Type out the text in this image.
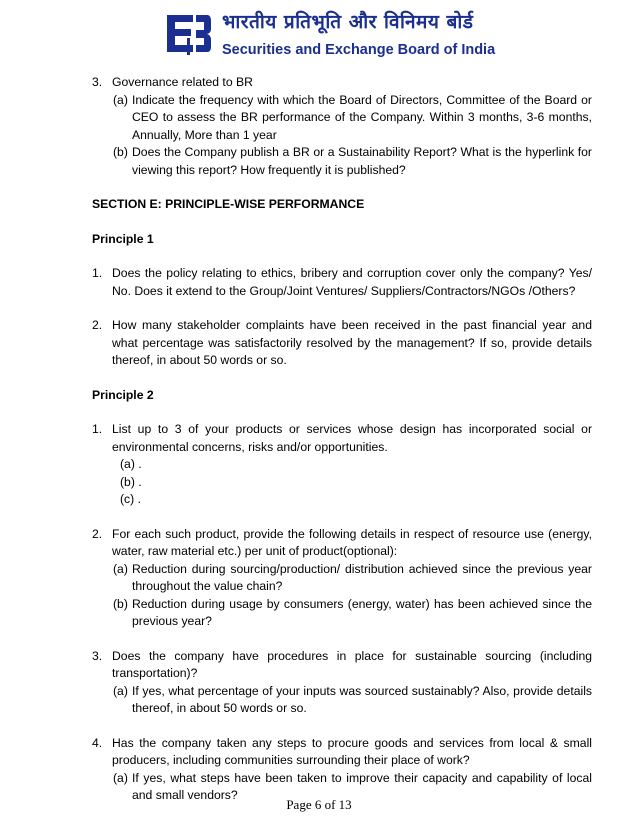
भारतीय प्रतिभूति और विनिमय बोर्ड
Securities and Exchange Board of India
3. Governance related to BR
(a) Indicate the frequency with which the Board of Directors, Committee of the Board or CEO to assess the BR performance of the Company. Within 3 months, 3-6 months, Annually, More than 1 year
(b) Does the Company publish a BR or a Sustainability Report? What is the hyperlink for viewing this report? How frequently it is published?

SECTION E: PRINCIPLE-WISE PERFORMANCE

Principle 1

1. Does the policy relating to ethics, bribery and corruption cover only the company? Yes/ No. Does it extend to the Group/Joint Ventures/ Suppliers/Contractors/NGOs /Others?
2. How many stakeholder complaints have been received in the past financial year and what percentage was satisfactorily resolved by the management? If so, provide details thereof, in about 50 words or so.

Principle 2

1. List up to 3 of your products or services whose design has incorporated social or environmental concerns, risks and/or opportunities.

(a) .

(b) .

(c) .

2. For each such product, provide the following details in respect of resource use (energy, water, raw material etc.) per unit of product(optional):
(a) Reduction during sourcing/production/ distribution achieved since the previous year throughout the value chain?
(b) Reduction during usage by consumers (energy, water) has been achieved since the previous year?
3. Does the company have procedures in place for sustainable sourcing (including transportation)?
(a) If yes, what percentage of your inputs was sourced sustainably? Also, provide details thereof, in about 50 words or so.
4. Has the company taken any steps to procure goods and services from local & small producers, including communities surrounding their place of work?
(a) If yes, what steps have been taken to improve their capacity and capability of local and small vendors?
Page 6 of 13
